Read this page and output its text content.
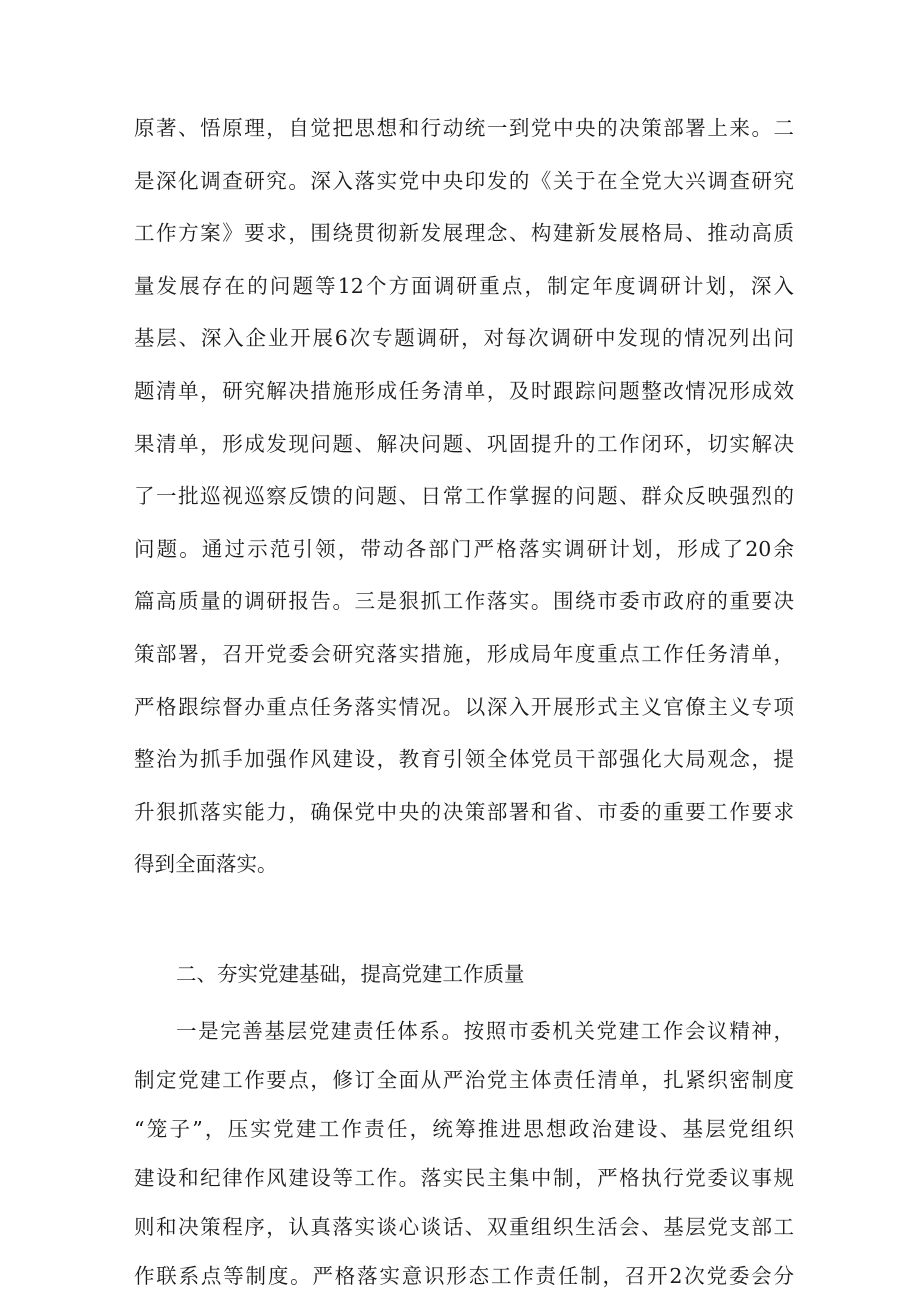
原著、悟原理，自觉把思想和行动统一到党中央的决策部署上来。二
是深化调查研究。深入落实党中央印发的《关于在全党大兴调查研究
工作方案》要求，围绕贯彻新发展理念、构建新发展格局、推动高质
量发展存在的问题等12个方面调研重点，制定年度调研计划，深入
基层、深入企业开展6次专题调研，对每次调研中发现的情况列出问
题清单，研究解决措施形成任务清单，及时跟踪问题整改情况形成效
果清单，形成发现问题、解决问题、巩固提升的工作闭环，切实解决
了一批巡视巡察反馈的问题、日常工作掌握的问题、群众反映强烈的
问题。通过示范引领，带动各部门严格落实调研计划，形成了20余
篇高质量的调研报告。三是狠抓工作落实。围绕市委市政府的重要决
策部署，召开党委会研究落实措施，形成局年度重点工作任务清单，
严格跟综督办重点任务落实情况。以深入开展形式主义官僚主义专项
整治为抓手加强作风建设，教育引领全体党员干部强化大局观念，提
升狠抓落实能力，确保党中央的决策部署和省、市委的重要工作要求
得到全面落实。
二、夯实党建基础，提高党建工作质量
一是完善基层党建责任体系。按照市委机关党建工作会议精神，
制定党建工作要点，修订全面从严治党主体责任清单，扎紧织密制度
“笼子”，压实党建工作责任，统筹推进思想政治建设、基层党组织
建设和纪律作风建设等工作。落实民主集中制，严格执行党委议事规
则和决策程序，认真落实谈心谈话、双重组织生活会、基层党支部工
作联系点等制度。严格落实意识形态工作责任制，召开2次党委会分
